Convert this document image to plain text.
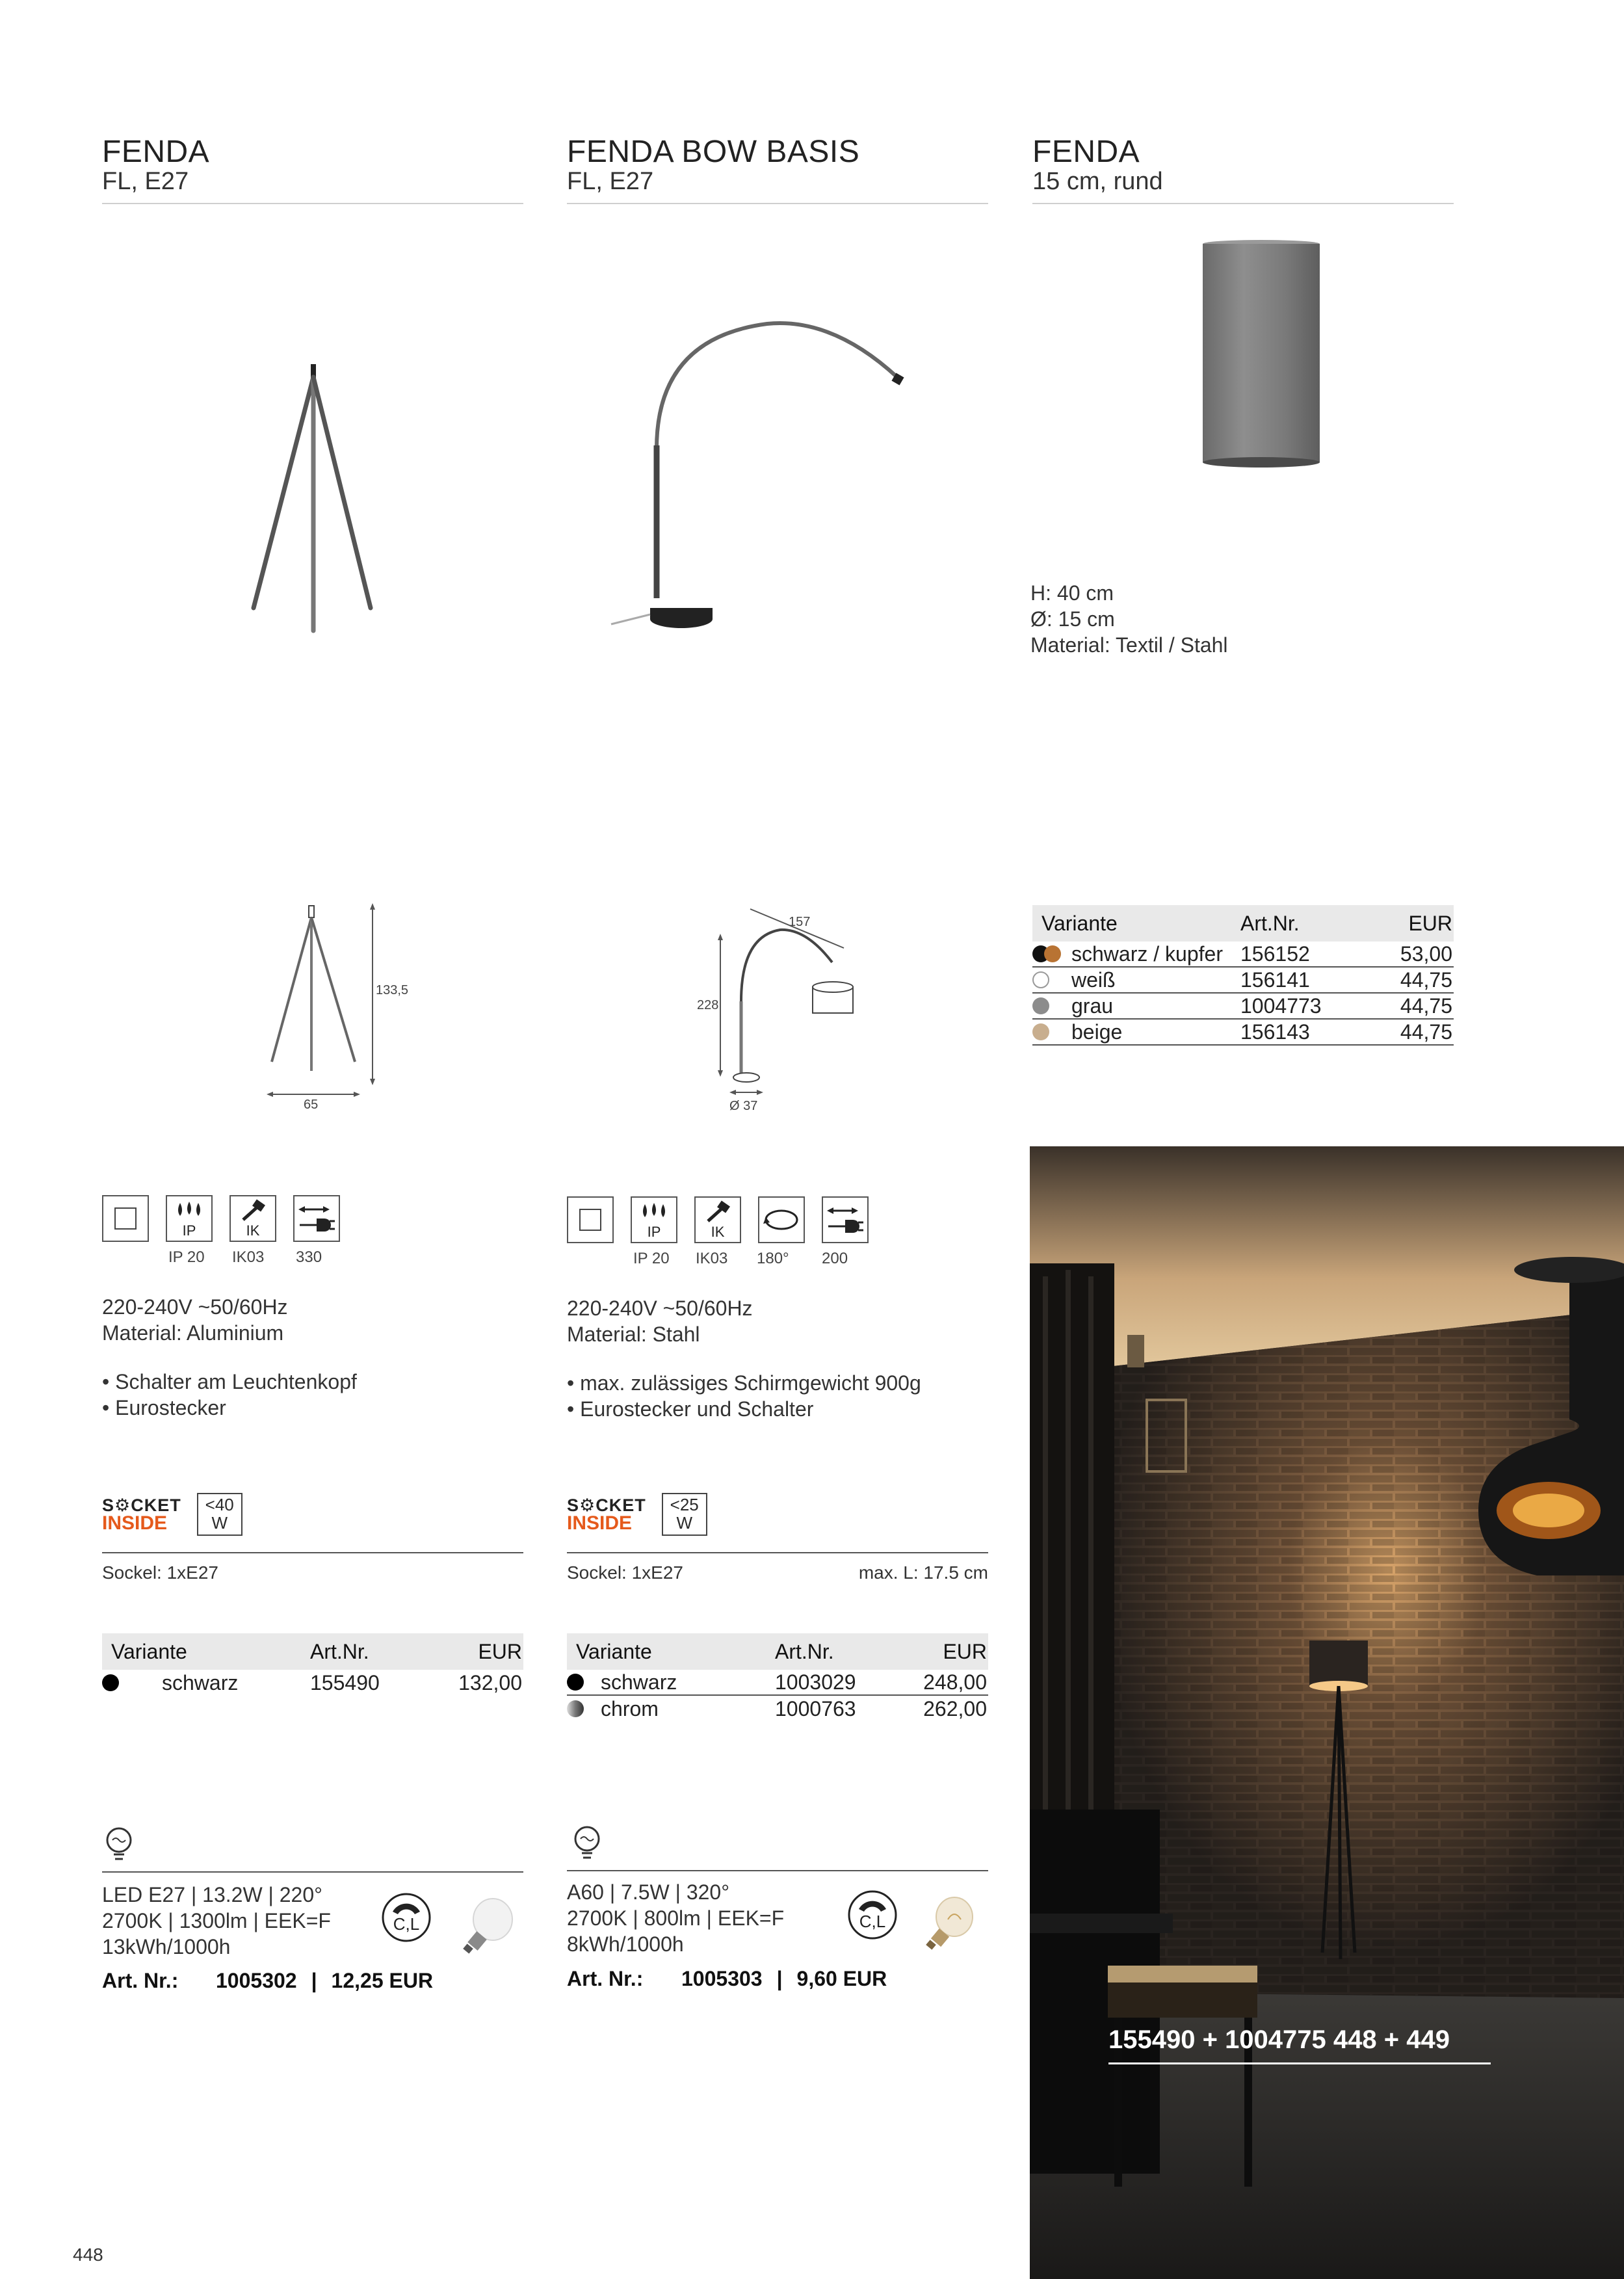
FENDA
FL, E27
133,5
65
IP	IK
IP 20 IK03 330
220-240V ~50/60Hz
Material: Aluminium
• Schalter am Leuchtenkopf
• Eurostecker
S⚙CKET
INSIDE
<40
W
Sockel: 1xE27
Variante	Art.Nr.	EUR
schwarz	155490	132,00
LED E27 | 13.2W | 220°
2700K | 1300lm | EEK=F
13kWh/1000h
Art. Nr.:	1005302 | 12,25 EUR
C,L
FENDA BOW BASIS
FL, E27
157
228
Ø 37
IP	IK
IP 20 IK03 180° 200
220-240V ~50/60Hz
Material: Stahl
• max. zulässiges Schirmgewicht 900g
• Eurostecker und Schalter
S⚙CKET
INSIDE
<25
W
Sockel: 1xE27	max. L: 17.5 cm
Variante	Art.Nr.	EUR
schwarz	1003029	248,00
chrom	1000763	262,00
A60 | 7.5W | 320°
2700K | 800lm | EEK=F
8kWh/1000h
Art. Nr.:	1005303 | 9,60 EUR
C,L
FENDA
15 cm, rund
H: 40 cm
Ø: 15 cm
Material: Textil / Stahl
Variante	Art.Nr.	EUR
schwarz / kupfer 156152	53,00
weiß	156141	44,75
grau	1004773	44,75
beige	156143	44,75
155490 + 1004775 448 + 449
448
